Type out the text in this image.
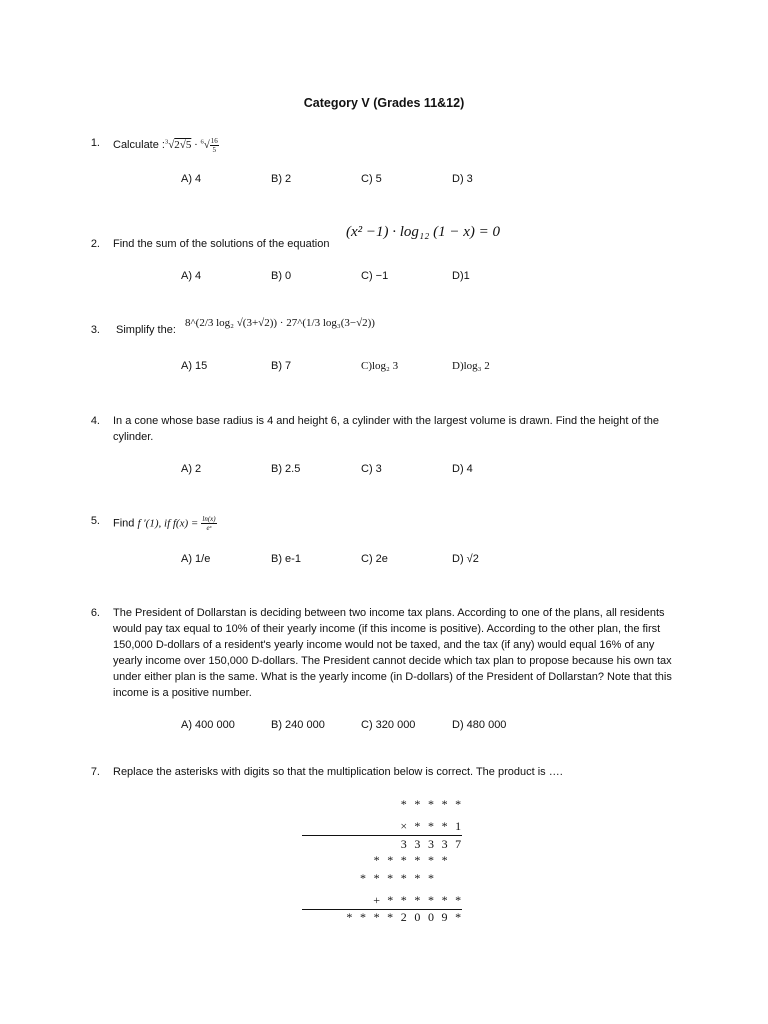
Category V (Grades 11&12)
1. Calculate :$^3$√2√5 · $^6√ \frac{16}{5}$
A) 4	B) 2	C) 5	D) 3
(x² −1) · log₁₂ (1 − x) = 0
2. Find the sum of the solutions of the equation
A) 4	B) 0	C) −1	D)1
3. Simplify the:
8^(2/3 log₂ √(3+√2)) · 27^(1/3 log₃(3−√2))
A) 15	B) 7	C)log₂ 3	D)log₃ 2
4. In a cone whose base radius is 4 and height 6, a cylinder with the largest volume is drawn. Find the height of the cylinder.
A) 2	B) 2.5	C) 3	D) 4
5. Find f ′(1), if $f(x) = \frac{\ln(x)}{\text{eˣ}}$
A) 1/e	B) e-1	C) 2e	D) √2
6. The President of Dollarstan is deciding between two income tax plans. According to one of the plans, all residents would pay tax equal to 10% of their yearly income (if this income is positive). According to the other plan, the first 150,000 D-dollars of a resident's yearly income would not be taxed, and the tax (if any) would equal 16% of any yearly income over 150,000 D-dollars. The President cannot decide which tax plan to propose because his own tax under either plan is the same. What is the yearly income (in D-dollars) of the President of Dollarstan? Note that this income is a positive number.
A) 400 000	B) 240 000	C) 320 000	D) 480 000
7. Replace the asterisks with digits so that the multiplication below is correct. The product is ….
* * * * *
× * * * 1
3 3 3 3 7
* * * * * *
* * * * * *
+ * * * * * *
* * * * 2 0 0 9 *
